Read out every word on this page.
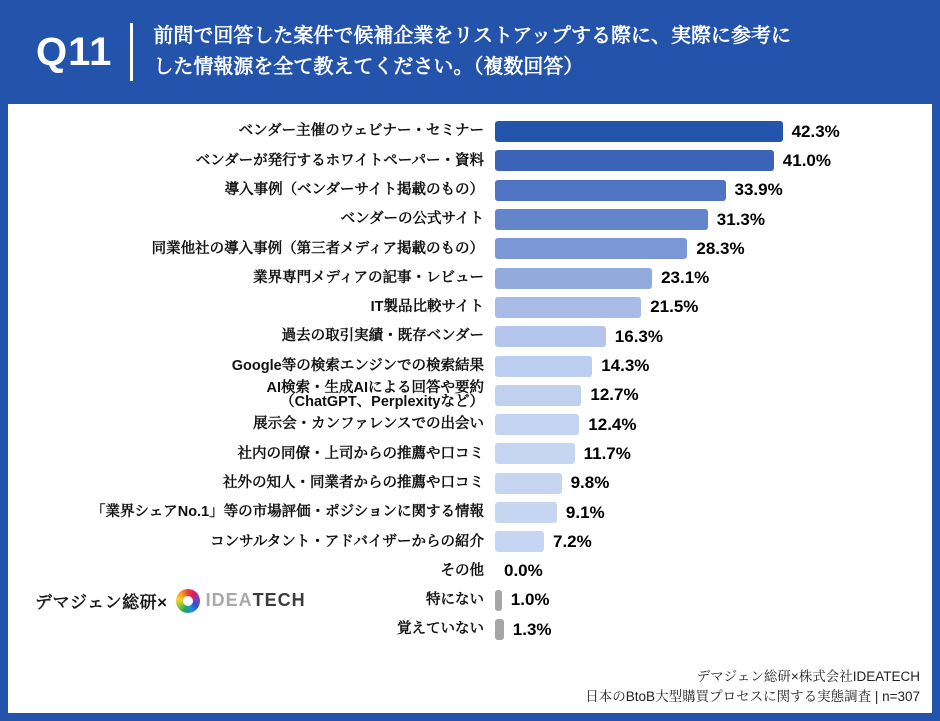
Q11 前問で回答した案件で候補企業をリストアップする際に、実際に参考に
した情報源を全て教えてください。（複数回答）
ベンダー主催のウェビナー・セミナー	42.3%
ベンダーが発行するホワイトペーパー・資料	41.0%
導入事例（ベンダーサイト掲載のもの）	33.9%
ベンダーの公式サイト	31.3%
同業他社の導入事例（第三者メディア掲載のもの）	28.3%
業界専門メディアの記事・レビュー	23.1%
IT製品比較サイト	21.5%
過去の取引実績・既存ベンダー	16.3%
Google等の検索エンジンでの検索結果	14.3%
AI検索・生成AIによる回答や要約
（ChatGPT、Perplexityなど）	12.7%
展示会・カンファレンスでの出会い	12.4%
社内の同僚・上司からの推薦や口コミ	11.7%
社外の知人・同業者からの推薦や口コミ	9.8%
「業界シェアNo.1」等の市場評価・ポジションに関する情報	9.1%
コンサルタント・アドバイザーからの紹介	7.2%
その他 0.0%
特にない 1.0%
覚えていない 1.3%
デマジェン総研× IDEA TECH
デマジェン総研×株式会社IDEATECH
日本のBtoB大型購買プロセスに関する実態調査 | n=307
